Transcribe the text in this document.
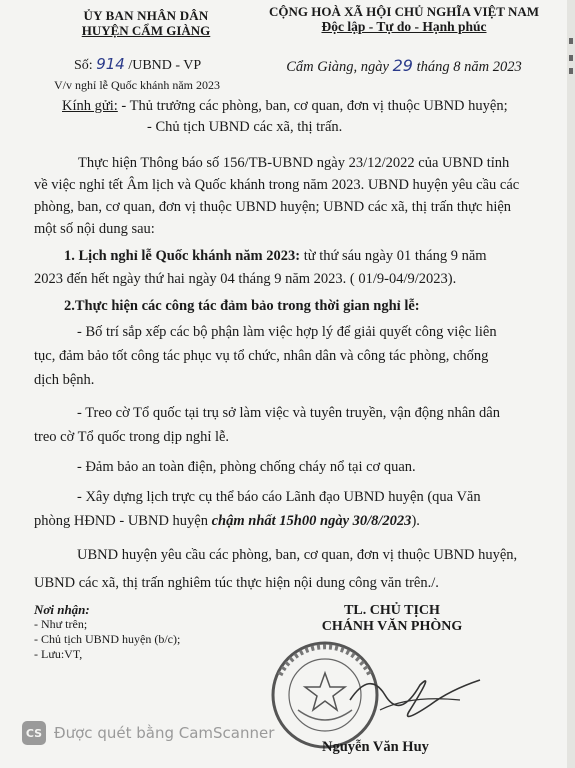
ỦY BAN NHÂN DÂN
HUYỆN CẨM GIÀNG
Số: 914 /UBND - VP
V/v nghỉ lễ Quốc khánh năm 2023
CỘNG HOÀ XÃ HỘI CHỦ NGHĨA VIỆT NAM
Độc lập - Tự do - Hạnh phúc
Cẩm Giàng, ngày 29 tháng 8 năm 2023
Kính gửi: - Thủ trưởng các phòng, ban, cơ quan, đơn vị thuộc UBND huyện;
- Chủ tịch UBND các xã, thị trấn.
Thực hiện Thông báo số 156/TB-UBND ngày 23/12/2022 của UBND tỉnh
về việc nghỉ tết Âm lịch và Quốc khánh trong năm 2023. UBND huyện yêu cầu các
phòng, ban, cơ quan, đơn vị thuộc UBND huyện; UBND các xã, thị trấn thực hiện
một số nội dung sau:
1. Lịch nghỉ lễ Quốc khánh năm 2023: từ thứ sáu ngày 01 tháng 9 năm
2023 đến hết ngày thứ hai ngày 04 tháng 9 năm 2023. ( 01/9-04/9/2023).
2.Thực hiện các công tác đảm bảo trong thời gian nghỉ lễ:
- Bố trí sắp xếp các bộ phận làm việc hợp lý để giải quyết công việc liên
tục, đảm bảo tốt công tác phục vụ tổ chức, nhân dân và công tác phòng, chống
dịch bệnh.
- Treo cờ Tổ quốc tại trụ sở làm việc và tuyên truyền, vận động nhân dân
treo cờ Tổ quốc trong dịp nghỉ lễ.
- Đảm bảo an toàn điện, phòng chống cháy nổ tại cơ quan.
- Xây dựng lịch trực cụ thể báo cáo Lãnh đạo UBND huyện (qua Văn
phòng HĐND - UBND huyện chậm nhất 15h00 ngày 30/8/2023).
UBND huyện yêu cầu các phòng, ban, cơ quan, đơn vị thuộc UBND huyện,
UBND các xã, thị trấn nghiêm túc thực hiện nội dung công văn trên./.
Nơi nhận:
- Như trên;
- Chủ tịch UBND huyện (b/c);
- Lưu:VT,
TL. CHỦ TỊCH
CHÁNH VĂN PHÒNG
Nguyễn Văn Huy
CS Được quét bằng CamScanner
